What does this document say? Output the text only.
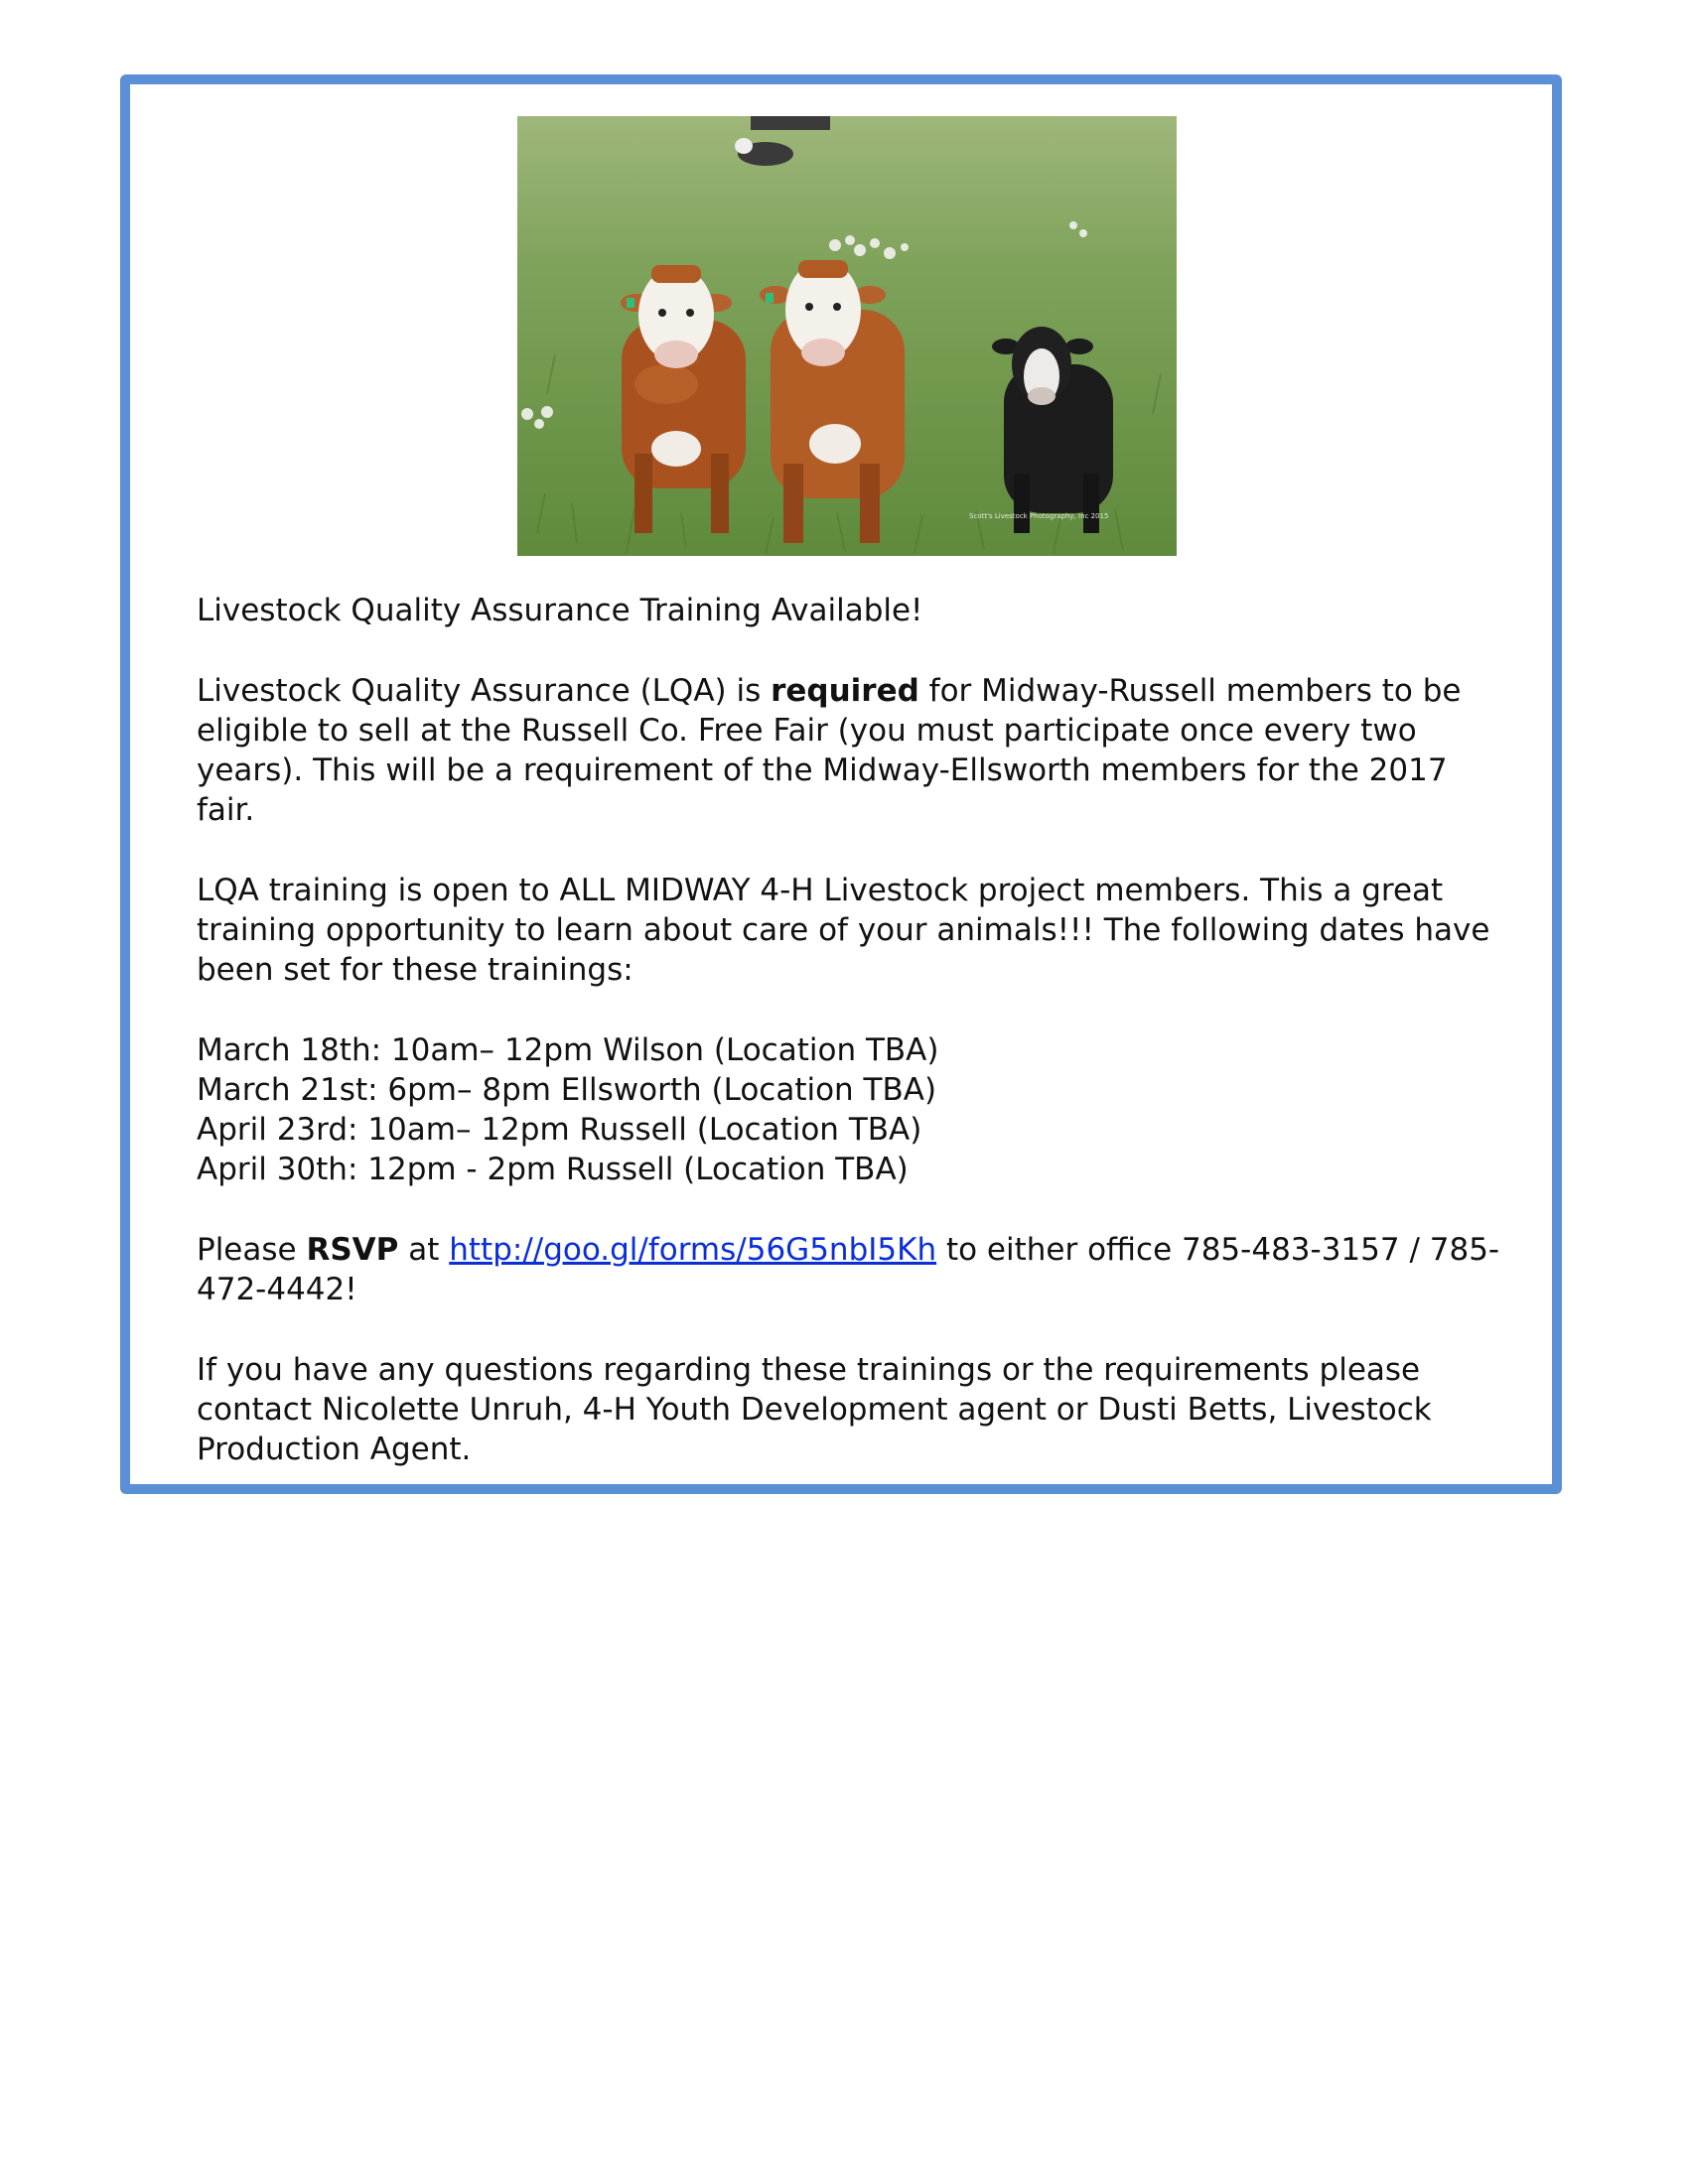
Scott's Livestock Photography, Inc 2015

Livestock Quality Assurance Training Available!

Livestock Quality Assurance (LQA) is required for Midway-Russell members to be eligible to sell at the Russell Co. Free Fair (you must participate once every two years). This will be a requirement of the Midway-Ellsworth members for the 2017 fair.

LQA training is open to ALL MIDWAY 4-H Livestock project members. This a great training opportunity to learn about care of your animals!!! The following dates have been set for these trainings:

March 18th: 10am– 12pm Wilson (Location TBA)
March 21st: 6pm– 8pm Ellsworth (Location TBA)
April 23rd: 10am– 12pm Russell (Location TBA)
April 30th: 12pm - 2pm Russell (Location TBA)

Please RSVP at http://goo.gl/forms/56G5nbI5Kh to either office 785-483-3157 / 785-472-4442!

If you have any questions regarding these trainings or the requirements please contact Nicolette Unruh, 4-H Youth Development agent or Dusti Betts, Livestock Production Agent.
